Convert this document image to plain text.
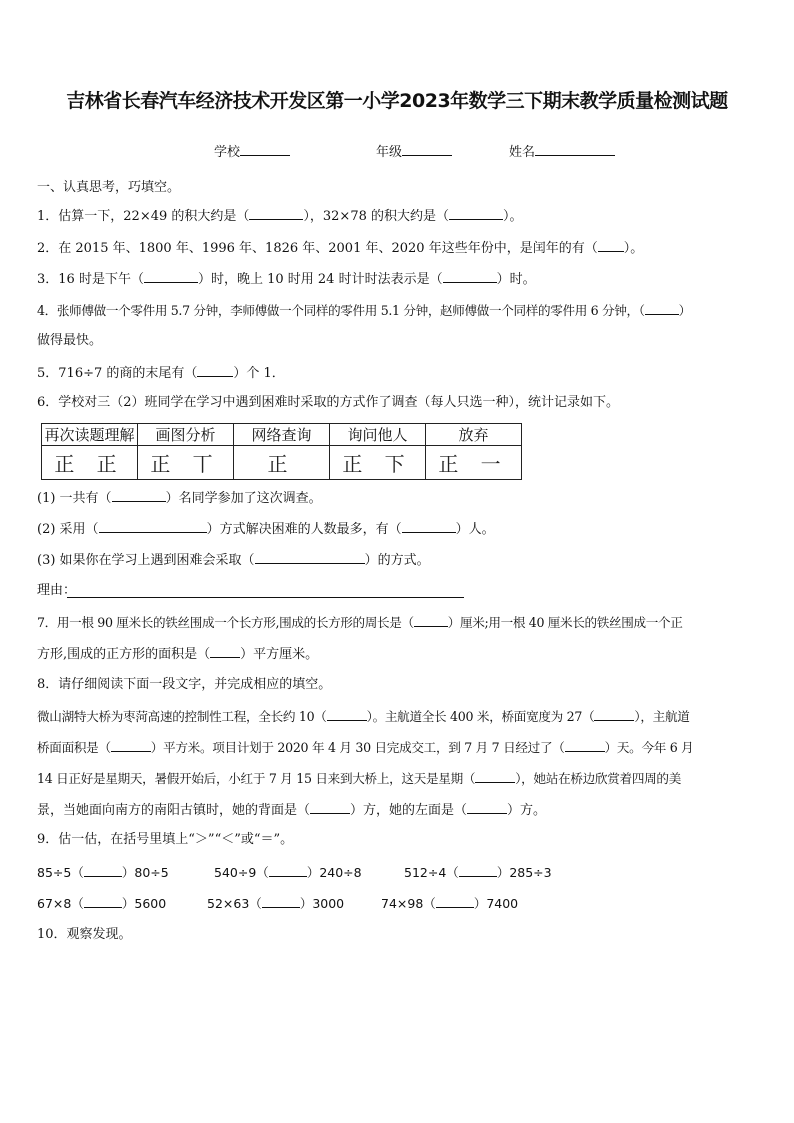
吉林省长春汽车经济技术开发区第一小学2023年数学三下期末教学质量检测试题
学校	年级	姓名
一、认真思考，巧填空。
1．估算一下，22×49 的积大约是（	），32×78 的积大约是（	）。
2．在 2015 年、1800 年、1996 年、1826 年、2001 年、2020 年这些年份中，是闰年的有（ ）。
3．16 时是下午（	）时，晚上 10 时用 24 时计时法表示是（	）时。
4．张师傅做一个零件用 5.7 分钟，李师傅做一个同样的零件用 5.1 分钟，赵师傅做一个同样的零件用 6 分钟，（	）
做得最快。
5．716÷7 的商的末尾有（	）个 1．
6．学校对三（2）班同学在学习中遇到困难时采取的方式作了调查（每人只选一种），统计记录如下。
再次读题理解	画图分析	网络查询	询问他人	放弃
正 正	正 丅	正	正 下	正 一
(1) 一共有（	）名同学参加了这次调查。
(2) 采用（	）方式解决困难的人数最多，有（	）人。
(3) 如果你在学习上遇到困难会采取（	）的方式。
理由：
7．用一根 90 厘米长的铁丝围成一个长方形,围成的长方形的周长是（	）厘米;用一根 40 厘米长的铁丝围成一个正
方形,围成的正方形的面积是（ ）平方厘米。
8．请仔细阅读下面一段文字，并完成相应的填空。
微山湖特大桥为枣菏高速的控制性工程，全长约 10（	）。主航道全长 400 米，桥面宽度为 27（	），主航道
桥面面积是（	）平方米。项目计划于 2020 年 4 月 30 日完成交工，到 7 月 7 日经过了（	）天。今年 6 月
14 日正好是星期天，暑假开始后，小红于 7 月 15 日来到大桥上，这天是星期（	），她站在桥边欣赏着四周的美
景，当她面向南方的南阳古镇时，她的背面是（	）方，她的左面是（	）方。
9．估一估，在括号里填上“＞”“＜”或“＝”。
85÷5（	）80÷5	540÷9（	）240÷8	512÷4（	）285÷3
67×8（	）5600	52×63（	）3000	74×98（	）7400
10．观察发现。
